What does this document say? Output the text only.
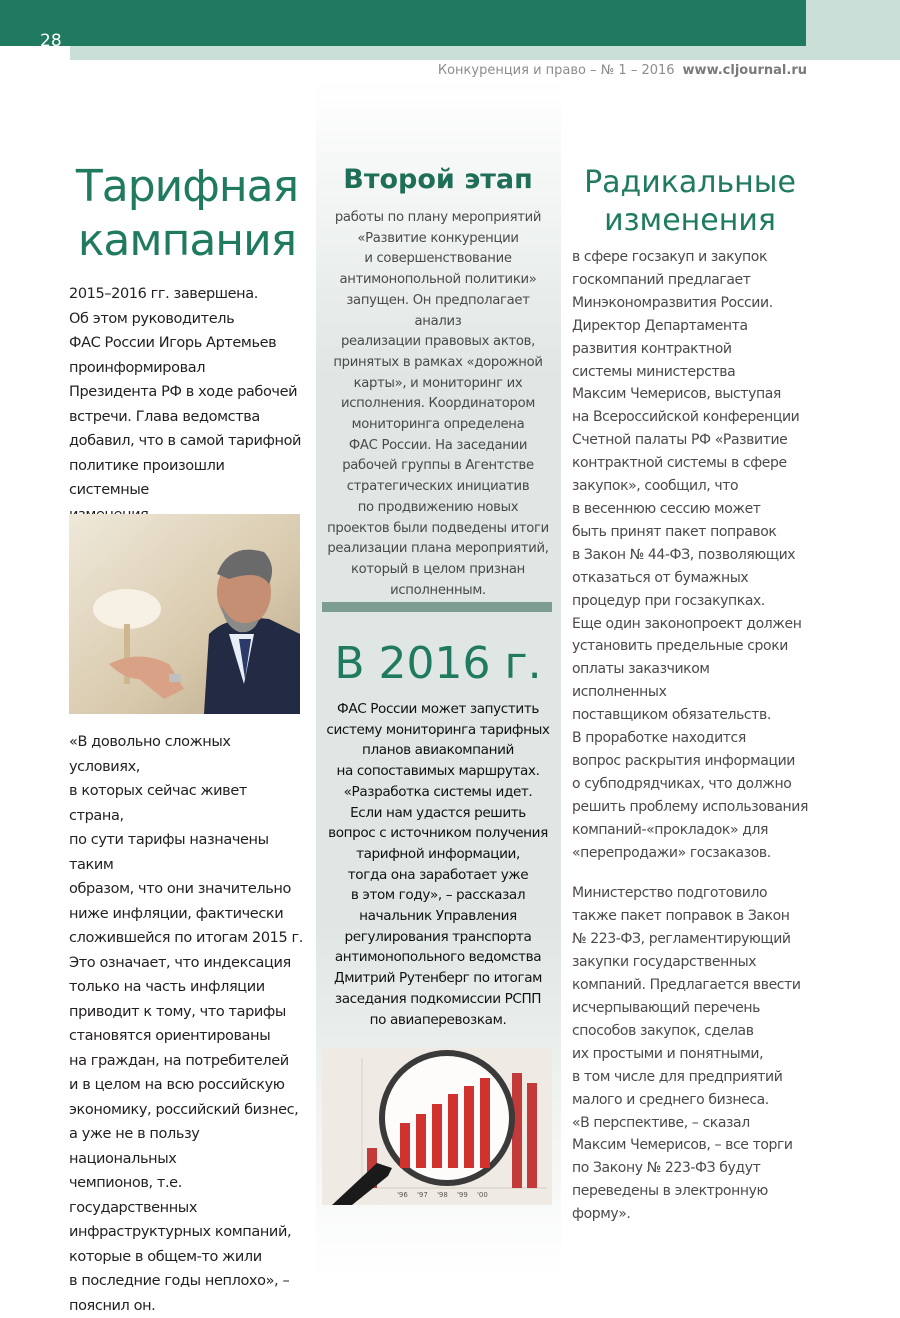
28
Конкуренция и право – № 1 – 2016 www.cljournal.ru
Тарифная
кампания

2015–2016 гг. завершена.
Об этом руководитель
ФАС России Игорь Артемьев
проинформировал
Президента РФ в ходе рабочей
встречи. Глава ведомства
добавил, что в самой тарифной
политике произошли системные

«В довольно сложных условиях,
в которых сейчас живет страна,
по сути тарифы назначены таким
образом, что они значительно
ниже инфляции, фактически
сложившейся по итогам 2015 г.
Это означает, что индексация
только на часть инфляции
приводит к тому, что тарифы
становятся ориентированы
на граждан, на потребителей
и в целом на всю российскую
экономику, российский бизнес,
а уже не в пользу национальных
чемпионов, т.е. государственных
инфраструктурных компаний,
которые в общем-то жили
в последние годы неплохо», –
пояснил он.

Второй этап

работы по плану мероприятий
«Развитие конкуренции
и совершенствование
антимонопольной политики»
запущен. Он предполагает анализ
реализации правовых актов,
принятых в рамках «дорожной
карты», и мониторинг их
исполнения. Координатором
мониторинга определена
ФАС России. На заседании
рабочей группы в Агентстве
стратегических инициатив
по продвижению новых
проектов были подведены итоги
реализации плана мероприятий,
который в целом признан
исполненным.

В 2016 г.

ФАС России может запустить
систему мониторинга тарифных
планов авиакомпаний
на сопоставимых маршрутах.
«Разработка системы идет.
Если нам удастся решить
вопрос с источником получения
тарифной информации,
тогда она заработает уже
в этом году», – рассказал
начальник Управления
регулирования транспорта
антимонопольного ведомства
Дмитрий Рутенберг по итогам
заседания подкомиссии РСПП
по авиаперевозкам.

'96 '97 '98 '99 '00
Радикальные
изменения

в сфере госзакуп и закупок
госкомпаний предлагает
Минэкономразвития России.
Директор Департамента
развития контрактной
системы министерства
Максим Чемерисов, выступая
на Всероссийской конференции
Счетной палаты РФ «Развитие
контрактной системы в сфере
закупок», сообщил, что
в весеннюю сессию может
быть принят пакет поправок
в Закон № 44-ФЗ, позволяющих
отказаться от бумажных
процедур при госзакупках.
Еще один законопроект должен
установить предельные сроки
оплаты заказчиком исполненных
поставщиком обязательств.
В проработке находится
вопрос раскрытия информации
о субподрядчиках, что должно
решить проблему использования
компаний-«прокладок» для
«перепродажи» госзаказов.

Министерство подготовило
также пакет поправок в Закон
№ 223-ФЗ, регламентирующий
закупки государственных
компаний. Предлагается ввести
исчерпывающий перечень
способов закупок, сделав
их простыми и понятными,
в том числе для предприятий
малого и среднего бизнеса.
«В перспективе, – сказал
Максим Чемерисов, – все торги
по Закону № 223-ФЗ будут
переведены в электронную
форму».
